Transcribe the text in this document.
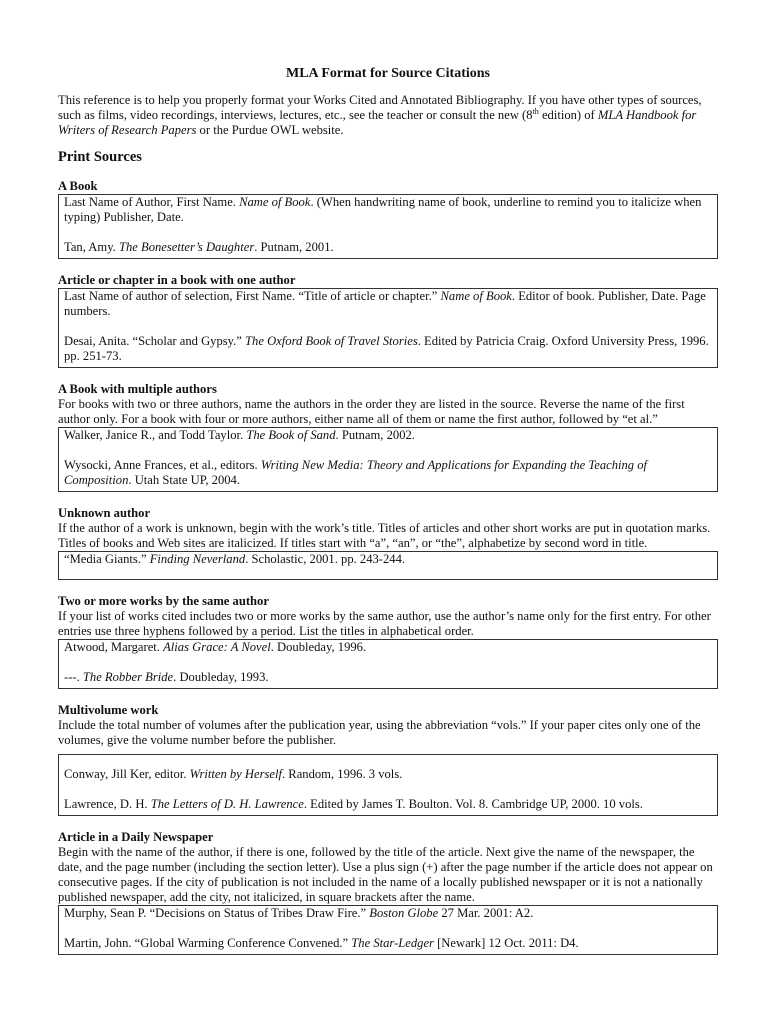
MLA Format for Source Citations

This reference is to help you properly format your Works Cited and Annotated Bibliography. If you have other types of sources, such as films, video recordings, interviews, lectures, etc., see the teacher or consult the new (8th edition) of MLA Handbook for Writers of Research Papers or the Purdue OWL website.

Print Sources
A Book

Last Name of Author, First Name. Name of Book. (When handwriting name of book, underline to remind you to italicize when typing) Publisher, Date.

Tan, Amy. The Bonesetter’s Daughter. Putnam, 2001.

Article or chapter in a book with one author

Last Name of author of selection, First Name. “Title of article or chapter.” Name of Book. Editor of book. Publisher, Date. Page numbers.

Desai, Anita. “Scholar and Gypsy.” The Oxford Book of Travel Stories. Edited by Patricia Craig. Oxford University Press, 1996. pp. 251-73.

A Book with multiple authors

For books with two or three authors, name the authors in the order they are listed in the source. Reverse the name of the first author only. For a book with four or more authors, either name all of them or name the first author, followed by “et al.”

Walker, Janice R., and Todd Taylor. The Book of Sand. Putnam, 2002.

Wysocki, Anne Frances, et al., editors. Writing New Media: Theory and Applications for Expanding the Teaching of Composition. Utah State UP, 2004.

Unknown author

If the author of a work is unknown, begin with the work’s title. Titles of articles and other short works are put in quotation marks. Titles of books and Web sites are italicized. If titles start with “a”, “an”, or “the”, alphabetize by second word in title.

“Media Giants.” Finding Neverland. Scholastic, 2001. pp. 243-244.

Two or more works by the same author

If your list of works cited includes two or more works by the same author, use the author’s name only for the first entry. For other entries use three hyphens followed by a period. List the titles in alphabetical order.

Atwood, Margaret. Alias Grace: A Novel. Doubleday, 1996.

---. The Robber Bride. Doubleday, 1993.

Multivolume work

Include the total number of volumes after the publication year, using the abbreviation “vols.” If your paper cites only one of the volumes, give the volume number before the publisher.

Conway, Jill Ker, editor. Written by Herself. Random, 1996. 3 vols.

Lawrence, D. H. The Letters of D. H. Lawrence. Edited by James T. Boulton. Vol. 8. Cambridge UP, 2000. 10 vols.

Article in a Daily Newspaper

Begin with the name of the author, if there is one, followed by the title of the article. Next give the name of the newspaper, the date, and the page number (including the section letter). Use a plus sign (+) after the page number if the article does not appear on consecutive pages. If the city of publication is not included in the name of a locally published newspaper or it is not a nationally published newspaper, add the city, not italicized, in square brackets after the name.

Murphy, Sean P. “Decisions on Status of Tribes Draw Fire.” Boston Globe 27 Mar. 2001: A2.

Martin, John. “Global Warming Conference Convened.” The Star-Ledger [Newark] 12 Oct. 2011: D4.
